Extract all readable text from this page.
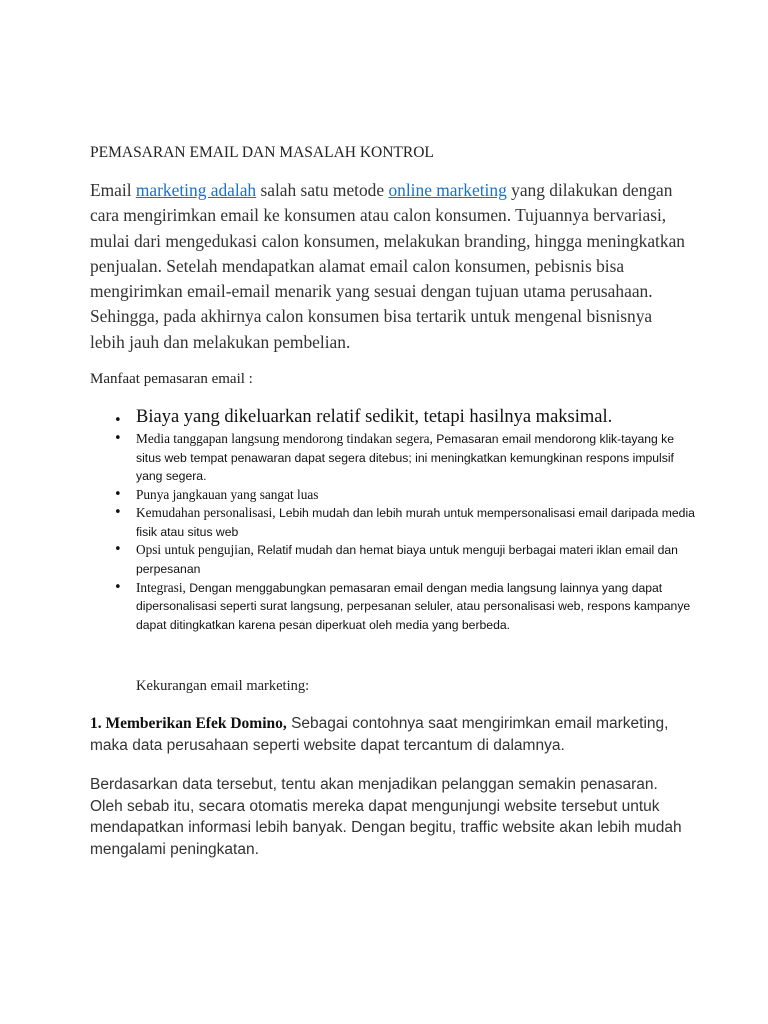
PEMASARAN EMAIL DAN MASALAH KONTROL

Email marketing adalah salah satu metode online marketing yang dilakukan dengan cara mengirimkan email ke konsumen atau calon konsumen. Tujuannya bervariasi, mulai dari mengedukasi calon konsumen, melakukan branding, hingga meningkatkan penjualan. Setelah mendapatkan alamat email calon konsumen, pebisnis bisa mengirimkan email-email menarik yang sesuai dengan tujuan utama perusahaan. Sehingga, pada akhirnya calon konsumen bisa tertarik untuk mengenal bisnisnya lebih jauh dan melakukan pembelian.

Manfaat pemasaran email :
• Biaya yang dikeluarkan relatif sedikit, tetapi hasilnya maksimal.
• Media tanggapan langsung mendorong tindakan segera, Pemasaran email mendorong klik-tayang ke situs web tempat penawaran dapat segera ditebus; ini meningkatkan kemungkinan respons impulsif yang segera.
• Punya jangkauan yang sangat luas
• Kemudahan personalisasi, Lebih mudah dan lebih murah untuk mempersonalisasi email daripada media fisik atau situs web
• Opsi untuk pengujian, Relatif mudah dan hemat biaya untuk menguji berbagai materi iklan email dan perpesanan
• Integrasi, Dengan menggabungkan pemasaran email dengan media langsung lainnya yang dapat dipersonalisasi seperti surat langsung, perpesanan seluler, atau personalisasi web, respons kampanye dapat ditingkatkan karena pesan diperkuat oleh media yang berbeda.
Kekurangan email marketing:

1. Memberikan Efek Domino, Sebagai contohnya saat mengirimkan email marketing, maka data perusahaan seperti website dapat tercantum di dalamnya.

Berdasarkan data tersebut, tentu akan menjadikan pelanggan semakin penasaran. Oleh sebab itu, secara otomatis mereka dapat mengunjungi website tersebut untuk mendapatkan informasi lebih banyak. Dengan begitu, traffic website akan lebih mudah mengalami peningkatan.
